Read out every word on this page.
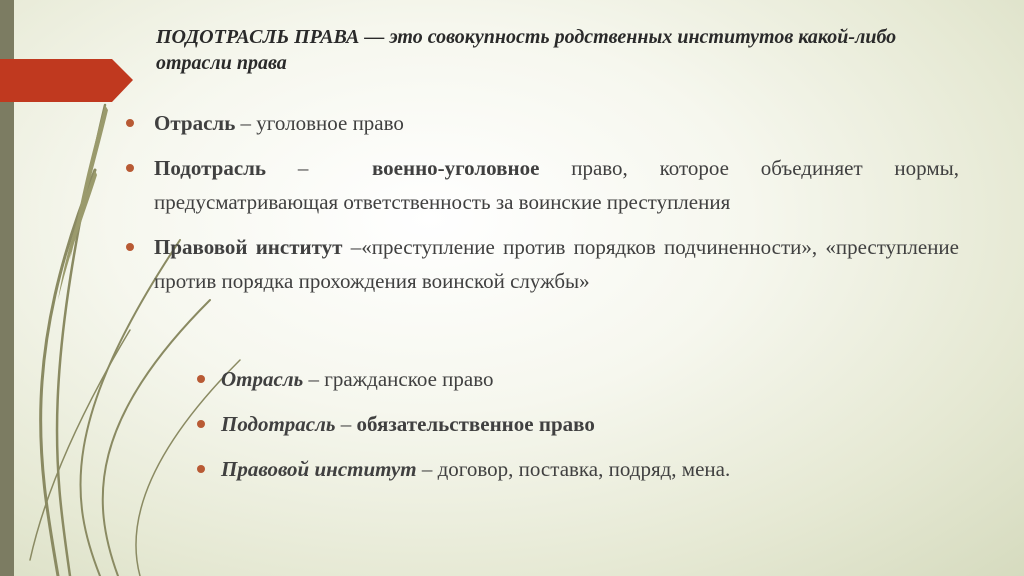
ПОДОТРАСЛЬ ПРАВА — это совокупность родственных институтов какой-либо отрасли права
Отрасль – уголовное право
Подотрасль –  военно-уголовное право, которое объединяет нормы, предусматривающая ответственность за воинские преступления
Правовой институт –«преступление против порядков подчиненности», «преступление против порядка прохождения воинской службы»
Отрасль – гражданское право
Подотрасль – обязательственное право
Правовой институт – договор, поставка, подряд, мена.
